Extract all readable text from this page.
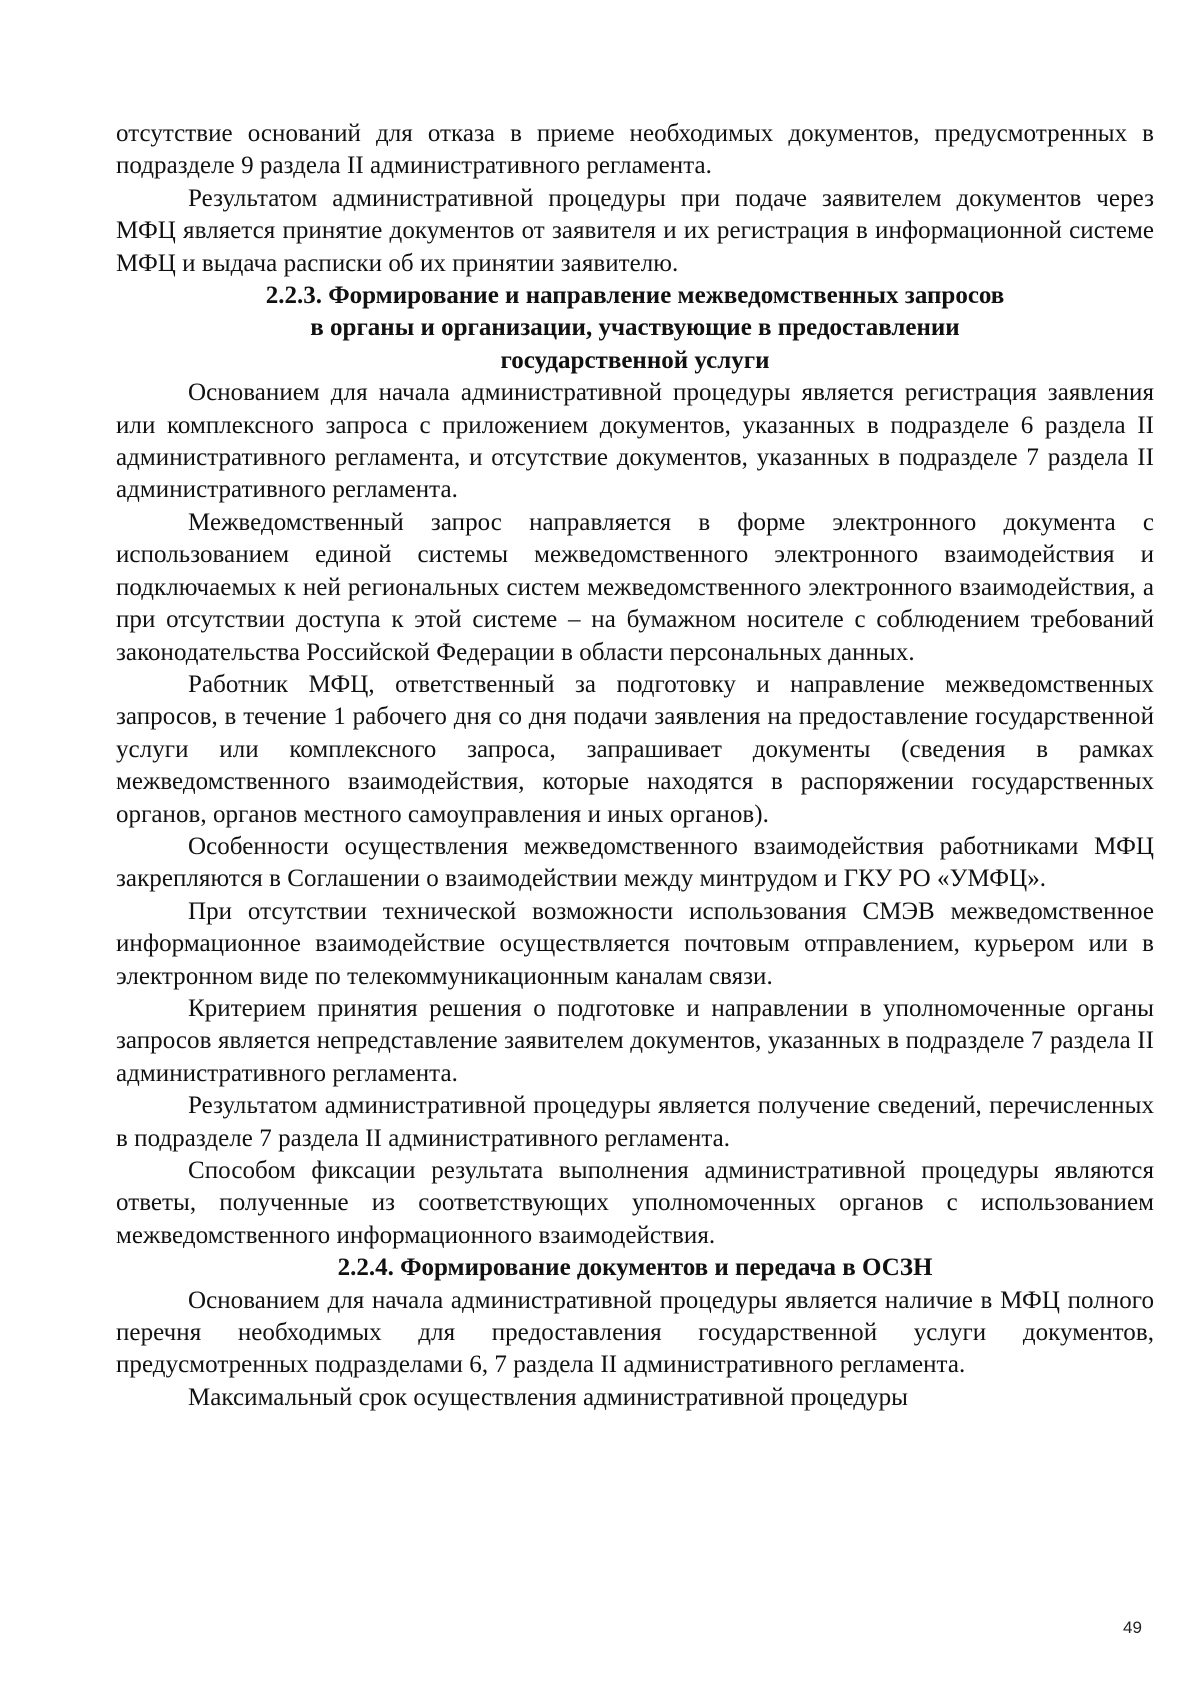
отсутствие оснований для отказа в приеме необходимых документов, предусмотренных в подразделе 9 раздела II административного регламента.

Результатом административной процедуры при подаче заявителем документов через МФЦ является принятие документов от заявителя и их регистрация в информационной системе МФЦ и выдача расписки об их принятии заявителю.

2.2.3. Формирование и направление межведомственных запросов
в органы и организации, участвующие в предоставлении
государственной услуги

Основанием для начала административной процедуры является регистрация заявления или комплексного запроса с приложением документов, указанных в подразделе 6 раздела II административного регламента, и отсутствие документов, указанных в подразделе 7 раздела II административного регламента.

Межведомственный запрос направляется в форме электронного документа с использованием единой системы межведомственного электронного взаимодействия и подключаемых к ней региональных систем межведомственного электронного взаимодействия, а при отсутствии доступа к этой системе – на бумажном носителе с соблюдением требований законодательства Российской Федерации в области персональных данных.

Работник МФЦ, ответственный за подготовку и направление межведомственных запросов, в течение 1 рабочего дня со дня подачи заявления на предоставление государственной услуги или комплексного запроса, запрашивает документы (сведения в рамках межведомственного взаимодействия, которые находятся в распоряжении государственных органов, органов местного самоуправления и иных органов).

Особенности осуществления межведомственного взаимодействия работниками МФЦ закрепляются в Соглашении о взаимодействии между минтрудом и ГКУ РО «УМФЦ».

При отсутствии технической возможности использования СМЭВ межведомственное информационное взаимодействие осуществляется почтовым отправлением, курьером или в электронном виде по телекоммуникационным каналам связи.

Критерием принятия решения о подготовке и направлении в уполномоченные органы запросов является непредставление заявителем документов, указанных в подразделе 7 раздела II административного регламента.

Результатом административной процедуры является получение сведений, перечисленных в подразделе 7 раздела II административного регламента.

Способом фиксации результата выполнения административной процедуры являются ответы, полученные из соответствующих уполномоченных органов с использованием межведомственного информационного взаимодействия.

2.2.4. Формирование документов и передача в ОСЗН

Основанием для начала административной процедуры является наличие в МФЦ полного перечня необходимых для предоставления государственной услуги документов, предусмотренных подразделами 6, 7 раздела II административного регламента.

Максимальный срок осуществления административной процедуры

49
